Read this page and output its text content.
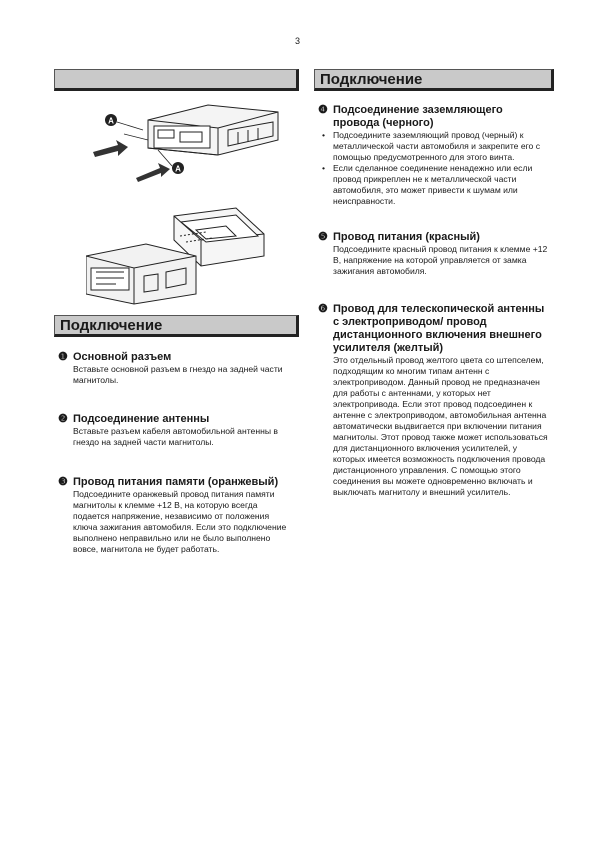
3
Подключение
A
A
Подключение
❶ Основной разъем
Вставьте основной разъем в гнездо на задней части магнитолы.
❷ Подсоединение антенны
Вставьте разъем кабеля автомобильной антенны в гнездо на задней части магнитолы.
❸ Провод питания памяти (оранжевый)
Подсоедините оранжевый провод питания памяти магнитолы к клемме +12 В, на которую всегда подается напряжение, независимо от положения ключа зажигания автомобиля. Если это подключение выполнено неправильно или не было выполнено вовсе, магнитола не будет работать.
❹ Подсоединение заземляющего провода (черного)
• Подсоедините заземляющий провод (черный) к металлической части автомобиля и закрепите его с помощью предусмотренного для этого винта.
• Если сделанное соединение ненадежно или если провод прикреплен не к металлической части автомобиля, это может привести к шумам или неисправности.
❺ Провод питания (красный)
Подсоедините красный провод питания к клемме +12 В, напряжение на которой управляется от замка зажигания автомобиля.
❻ Провод для телескопической антенны с электроприводом/ провод дистанционного включения внешнего усилителя (желтый)
Это отдельный провод желтого цвета со штепселем, подходящим ко многим типам антенн с электроприводом. Данный провод не предназначен для работы с антеннами, у которых нет электропривода. Если этот провод подсоединен к антенне с электроприводом, автомобильная антенна автоматически выдвигается при включении питания магнитолы. Этот провод также может использоваться для дистанционного включения усилителей, у которых имеется возможность подключения провода дистанционного управления. С помощью этого соединения вы можете одновременно включать и выключать магнитолу и внешний усилитель.
